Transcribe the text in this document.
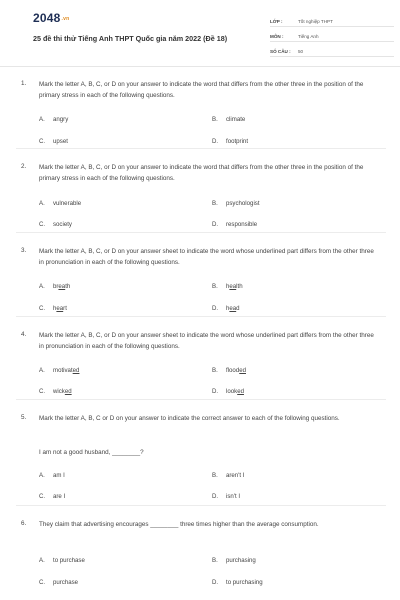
2048.vn
25 đề thi thử Tiếng Anh THPT Quốc gia năm 2022 (Đề 18)
LỚP :	Tốt nghiệp THPT
MÔN :	Tiếng Anh
SỐ CÂU :	50
1. Mark the letter A, B, C, or D on your answer to indicate the word that differs from the other three in the position of the primary stress in each of the following questions.
A. angry	B. climate
C. upset	D. footprint
2. Mark the letter A, B, C, or D on your answer to indicate the word that differs from the other three in the position of the primary stress in each of the following questions.
A. vulnerable	B. psychologist
C. society	D. responsible
3. Mark the letter A, B, C, or D on your answer sheet to indicate the word whose underlined part differs from the other three in pronunciation in each of the following questions.
A. breath	B. health
C. heart	D. head
4. Mark the letter A, B, C, or D on your answer sheet to indicate the word whose underlined part differs from the other three in pronunciation in each of the following questions.
A. motivated	B. flooded
C. wicked	D. looked
5. Mark the letter A, B, C or D on your answer to indicate the correct answer to each of the following questions.
I am not a good husband, ________?
A. am I	B. aren't I
C. are I	D. isn't I
6. They claim that advertising encourages ________ three times higher than the average consumption.
A. to purchase	B. purchasing
C. purchase	D. to purchasing
